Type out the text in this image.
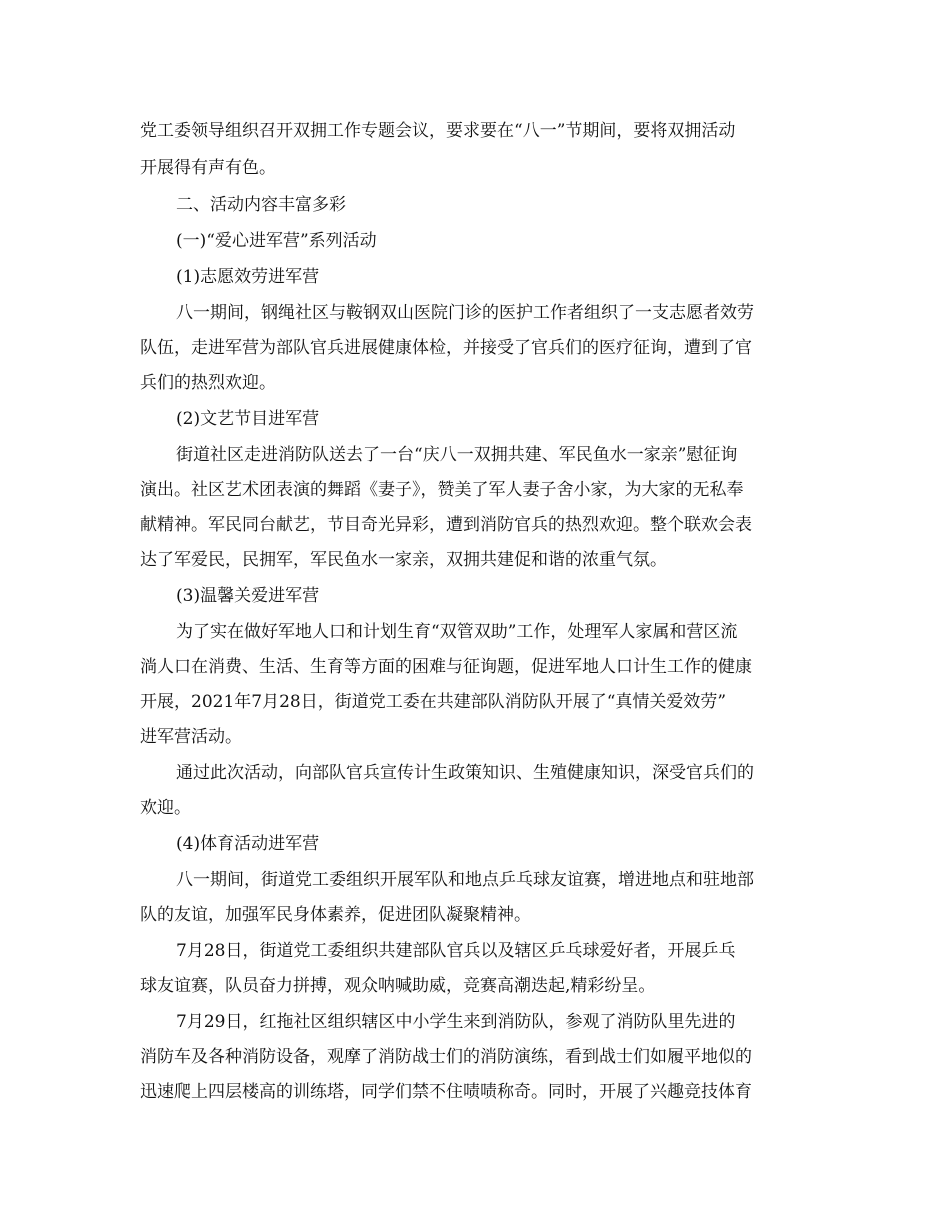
党工委领导组织召开双拥工作专题会议，要求要在“八一”节期间，要将双拥活动
开展得有声有色。
二、活动内容丰富多彩
(一)“爱心进军营”系列活动
(1)志愿效劳进军营
八一期间，钢绳社区与鞍钢双山医院门诊的医护工作者组织了一支志愿者效劳
队伍，走进军营为部队官兵进展健康体检，并接受了官兵们的医疗征询，遭到了官
兵们的热烈欢迎。
(2)文艺节目进军营
街道社区走进消防队送去了一台“庆八一双拥共建、军民鱼水一家亲”慰征询
演出。社区艺术团表演的舞蹈《妻子》，赞美了军人妻子舍小家，为大家的无私奉
献精神。军民同台献艺，节目奇光异彩，遭到消防官兵的热烈欢迎。整个联欢会表
达了军爱民，民拥军，军民鱼水一家亲，双拥共建促和谐的浓重气氛。
(3)温馨关爱进军营
为了实在做好军地人口和计划生育“双管双助”工作，处理军人家属和营区流
淌人口在消费、生活、生育等方面的困难与征询题，促进军地人口计生工作的健康
开展，2021年7月28日，街道党工委在共建部队消防队开展了“真情关爱效劳”
进军营活动。
通过此次活动，向部队官兵宣传计生政策知识、生殖健康知识，深受官兵们的
欢迎。
(4)体育活动进军营
八一期间，街道党工委组织开展军队和地点乒乓球友谊赛，增进地点和驻地部
队的友谊，加强军民身体素养，促进团队凝聚精神。
7月28日，街道党工委组织共建部队官兵以及辖区乒乓球爱好者，开展乒乓
球友谊赛，队员奋力拼搏，观众呐喊助威，竞赛高潮迭起,精彩纷呈。
7月29日，红拖社区组织辖区中小学生来到消防队，参观了消防队里先进的
消防车及各种消防设备，观摩了消防战士们的消防演练，看到战士们如履平地似的
迅速爬上四层楼高的训练塔，同学们禁不住啧啧称奇。同时，开展了兴趣竞技体育
